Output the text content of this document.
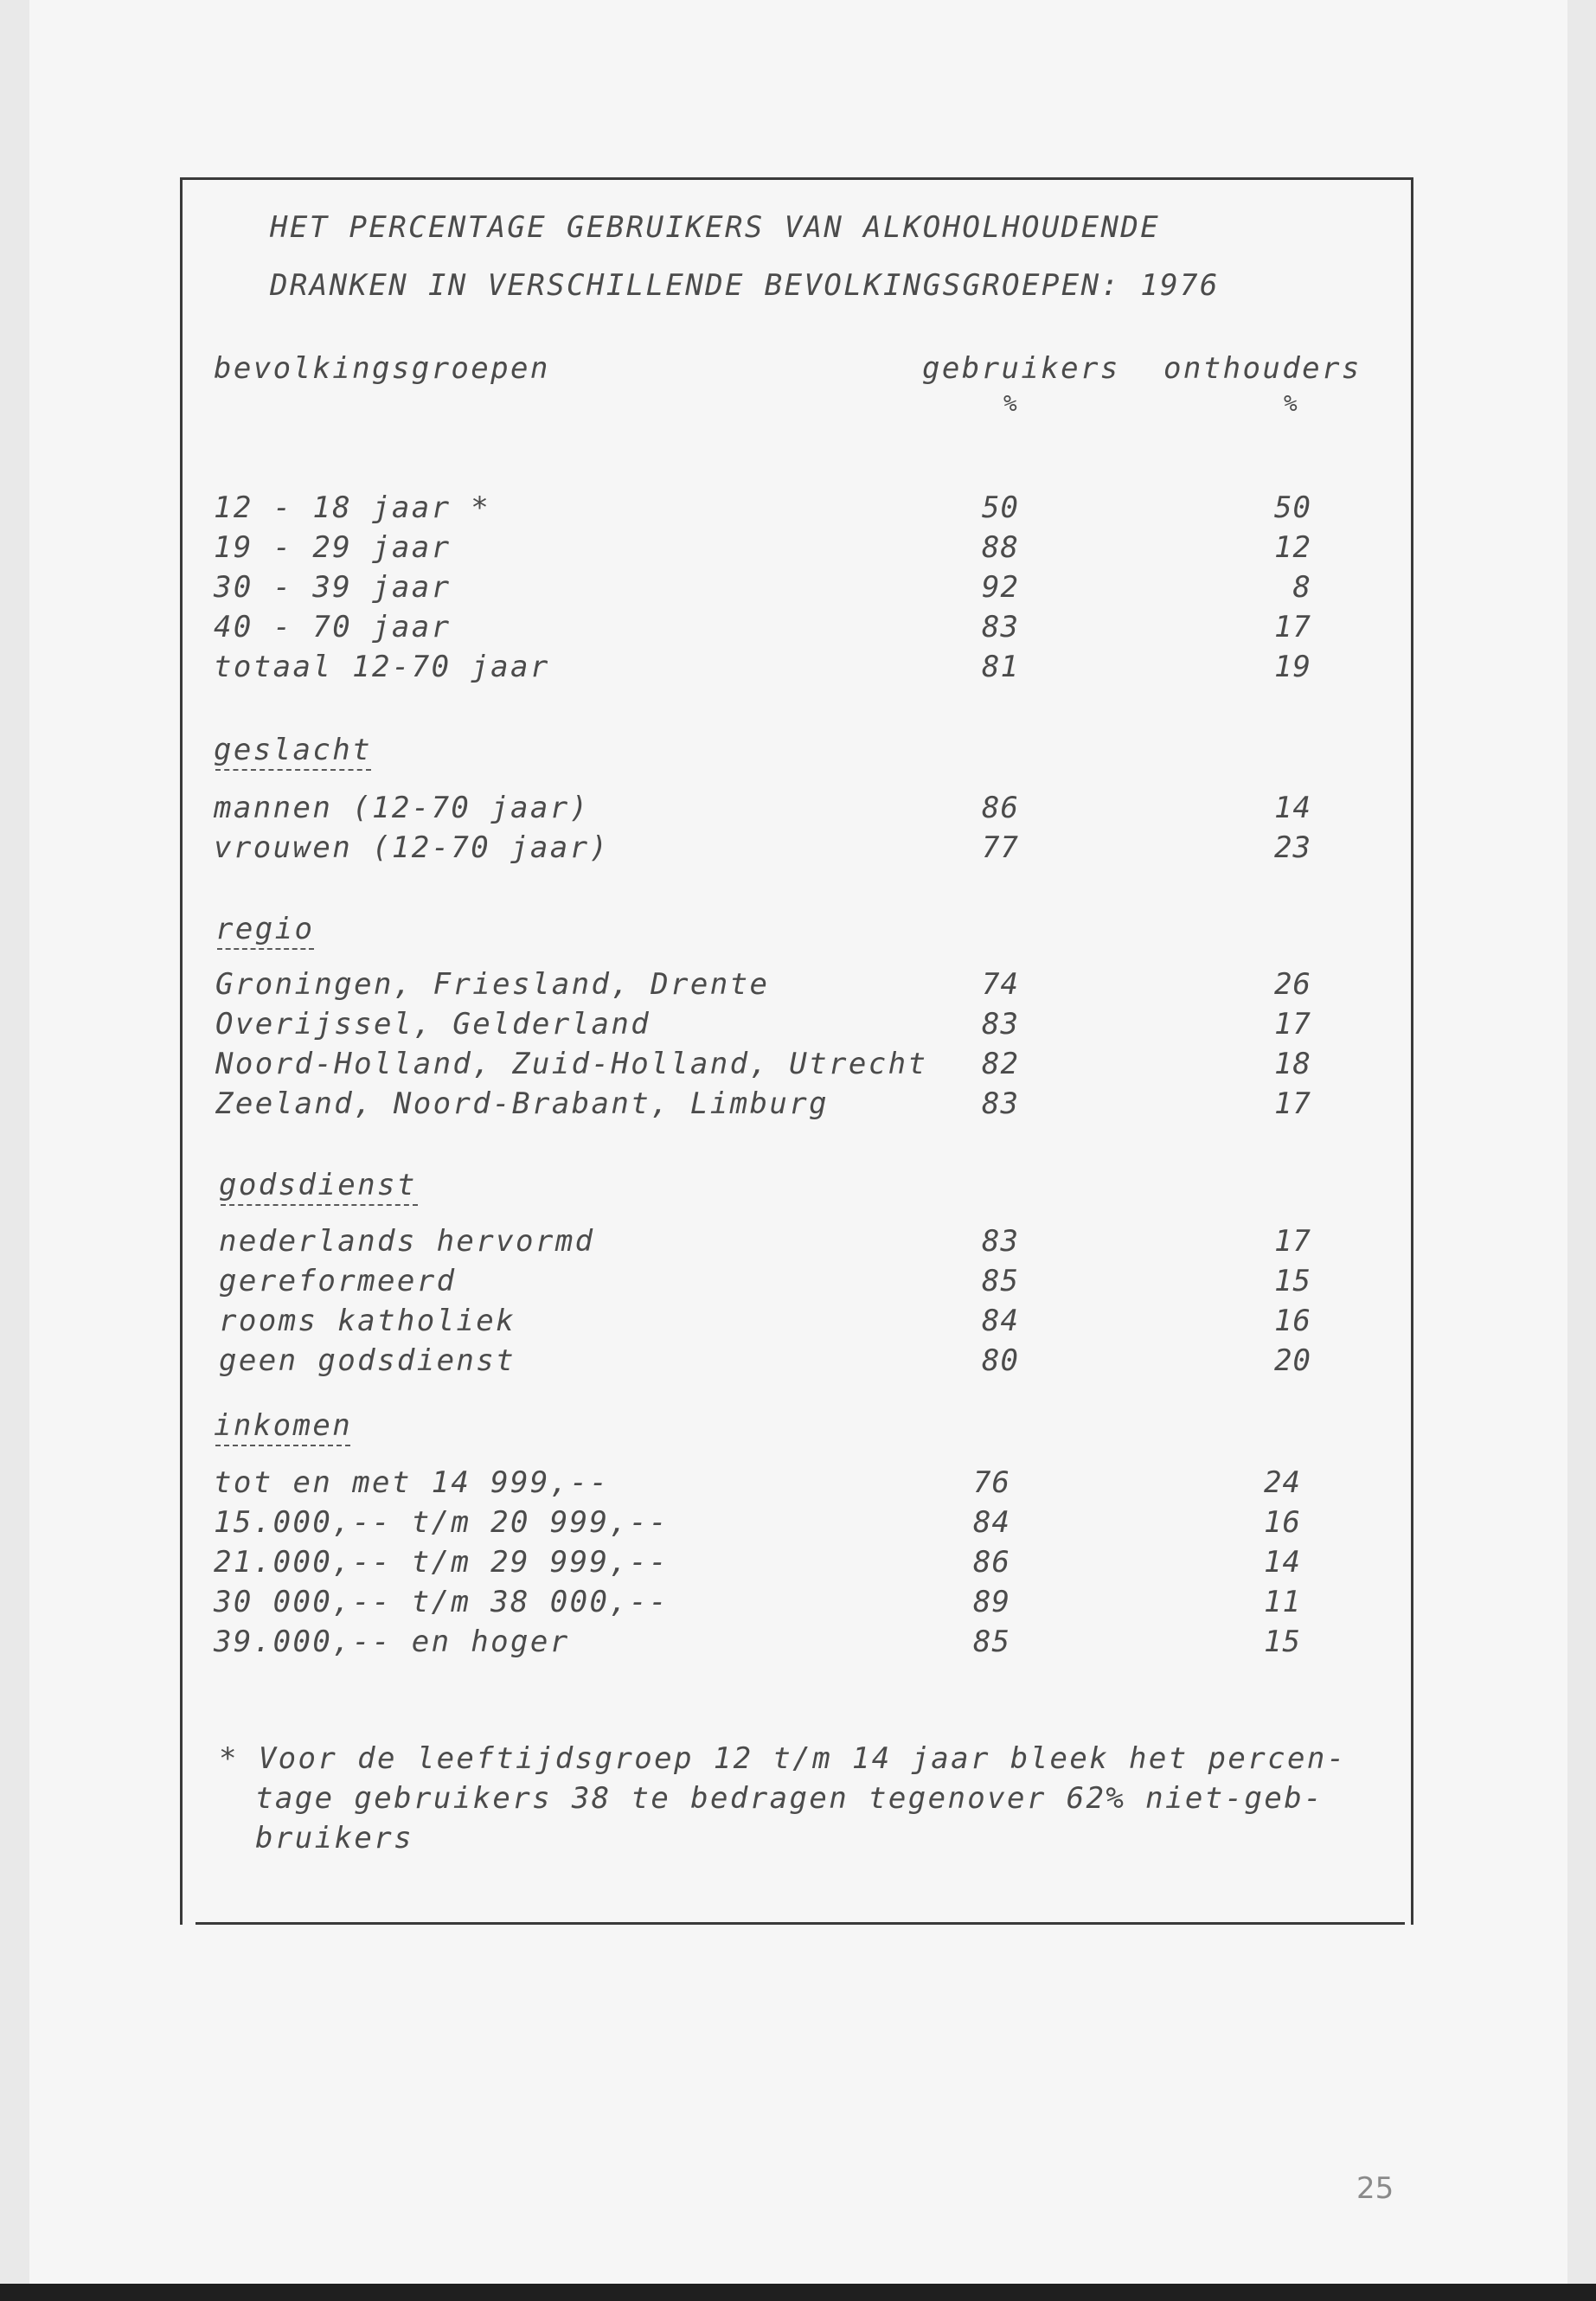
HET PERCENTAGE GEBRUIKERS VAN ALKOHOLHOUDENDE
DRANKEN IN VERSCHILLENDE BEVOLKINGSGROEPEN: 1976
bevolkingsgroepen	gebruikers onthouders
%	%
12 - 18 jaar *	50	50
19 - 29 jaar	88	12
30 - 39 jaar	92	8
40 - 70 jaar	83	17
totaal 12-70 jaar	81	19
geslacht
mannen (12-70 jaar)	86	14
vrouwen (12-70 jaar)	77	23
regio
Groningen, Friesland, Drente	74	26
Overijssel, Gelderland	83	17
Noord-Holland, Zuid-Holland, Utrecht	82	18
Zeeland, Noord-Brabant, Limburg	83	17
godsdienst
nederlands hervormd	83	17
gereformeerd	85	15
rooms katholiek	84	16
geen godsdienst	80	20
inkomen
tot en met 14 999,--	76	24
15.000,-- t/m 20 999,--	84	16
21.000,-- t/m 29 999,--	86	14
30 000,-- t/m 38 000,--	89	11
39.000,-- en hoger	85	15
* Voor de leeftijdsgroep 12 t/m 14 jaar bleek het percen-
tage gebruikers 38 te bedragen tegenover 62% niet-geb-
bruikers
25
